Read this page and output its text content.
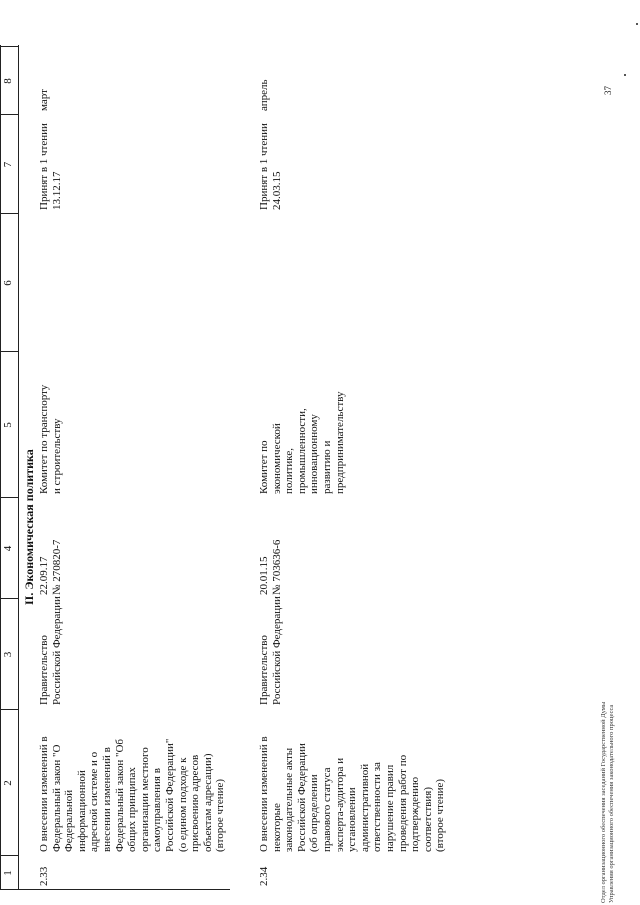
1
2
3
4
5
6
7
8
II. Экономическая политика
2.33
О внесении изменений в
Федеральный закон "О
Федеральной
информационной
адресной системе и о
внесении изменений в
Федеральный закон "Об
общих принципах
организации местного
самоуправления в
Российской Федерации"
(о едином подходе к
присвоению адресов
объектам адресации)
(второе чтение)
Правительство
Российской Федерации
22.09.17
№ 270820-7
Комитет по транспорту
и строительству
Принят в 1 чтении
13.12.17
март
2.34
О внесении изменений в
некоторые
законодательные акты
Российской Федерации
(об определении
правового статуса
эксперта-аудитора и
установлении
административной
ответственности за
нарушение правил
проведения работ по
подтверждению
соответствия)
(второе чтение)
Правительство
Российской Федерации
20.01.15
№ 703636-6
Комитет по
экономической
политике,
промышленности,
инновационному
развитию и
предпринимательству
Принят в 1 чтении
24.03.15
апрель
Отдел организационного обеспечения заседаний Государственной Думы Управления организационного обеспечения законодательного процесса
37
